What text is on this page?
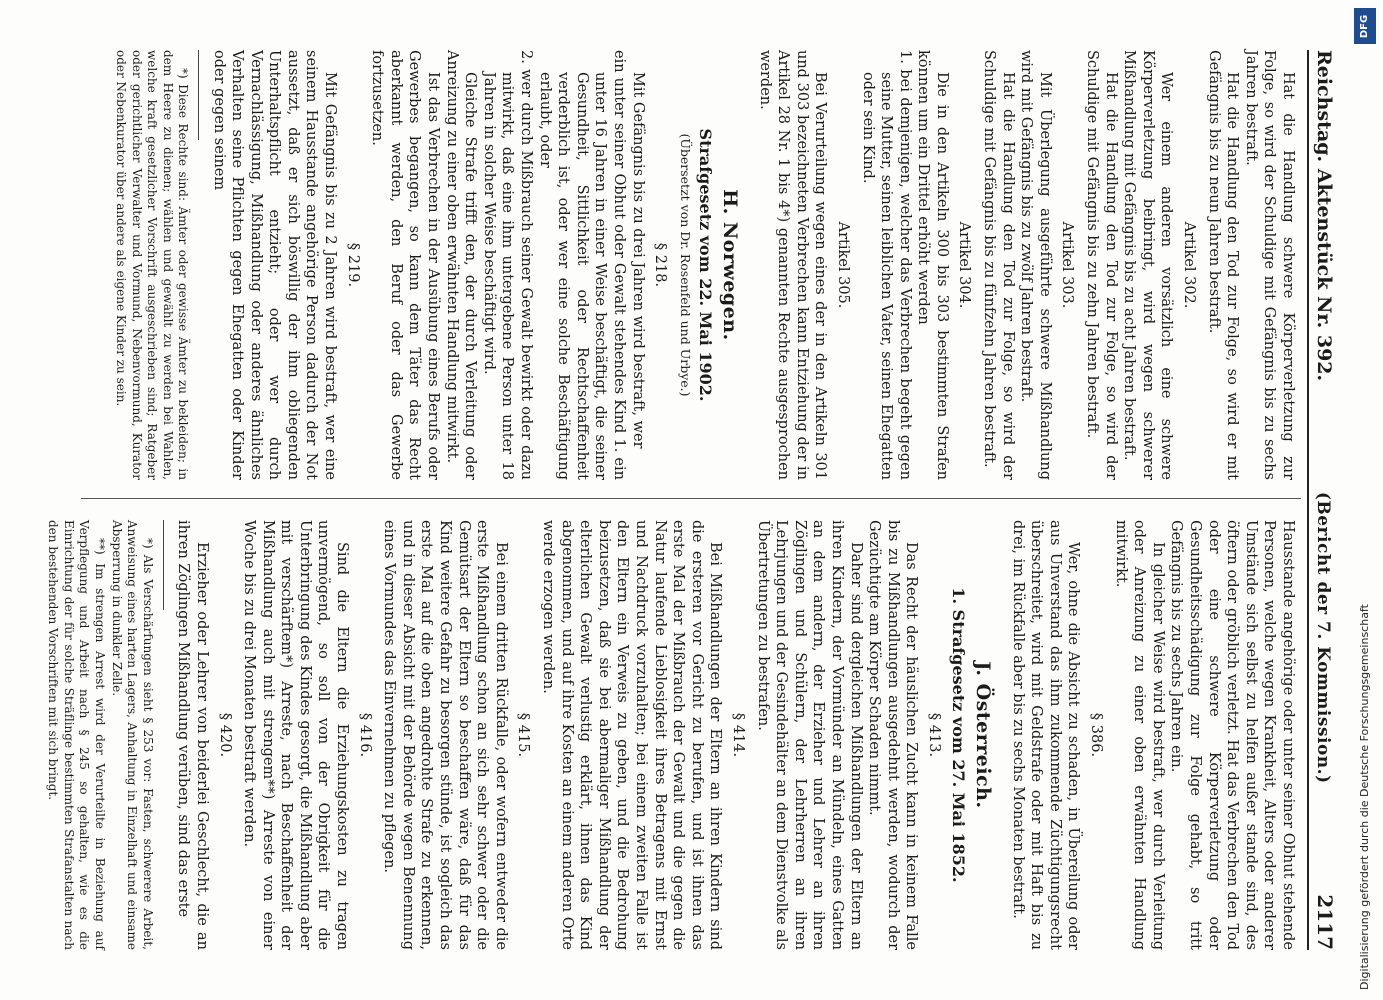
Reichstag. Aktenstück Nr. 392.
(Bericht der 7. Kommission.)
2117

Hat die Handlung schwere Körperverletzung zur Folge, so wird der Schuldige mit Gefängnis bis zu sechs Jahren bestraft.

Hat die Handlung den Tod zur Folge, so wird er mit Gefängnis bis zu neun Jahren bestraft.

Artikel 302.

Wer einem anderen vorsätzlich eine schwere Körperverletzung beibringt, wird wegen schwerer Mißhandlung mit Gefängnis bis zu acht Jahren bestraft.

Hat die Handlung den Tod zur Folge, so wird der Schuldige mit Gefängnis bis zu zehn Jahren bestraft.

Artikel 303.

Mit Überlegung ausgeführte schwere Mißhandlung wird mit Gefängnis bis zu zwölf Jahren bestraft.

Hat die Handlung den Tod zur Folge, so wird der Schuldige mit Gefängnis bis zu fünfzehn Jahren bestraft.

Artikel 304.

Die in den Artikeln 300 bis 303 bestimmten Strafen können um ein Drittel erhöht werden

1. bei demjenigen, welcher das Verbrechen begeht gegen seine Mutter, seinen leiblichen Vater, seinen Ehegatten oder sein Kind.

Artikel 305.

Bei Verurteilung wegen eines der in den Artikeln 301 und 303 bezeichneten Verbrechen kann Entziehung der in Artikel 28 Nr. 1 bis 4*) genannten Rechte ausgesprochen werden.

H. Norwegen.

Strafgesetz vom 22. Mai 1902.

(Übersetzt von Dr. Rosenfeld und Urbye.)

§ 218.

Mit Gefängnis bis zu drei Jahren wird bestraft, wer

ein unter seiner Obhut oder Gewalt stehendes Kind 1. ein unter 16 Jahren in einer Weise beschäftigt, die seiner Gesundheit, Sittlichkeit oder Rechtschaffenheit verderblich ist, oder wer eine solche Beschäftigung erlaubt, oder

2. wer durch Mißbrauch seiner Gewalt bewirkt oder dazu mitwirkt, daß eine ihm untergebene Person unter 18 Jahren in solcher Weise beschäftigt wird.

Gleiche Strafe trifft den, der durch Verleitung oder Anreizung zu einer oben erwähnten Handlung mitwirkt.

Ist das Verbrechen in der Ausübung eines Berufs oder Gewerbes begangen, so kann dem Täter das Recht aberkannt werden, den Beruf oder das Gewerbe fortzusetzen.

§ 219.

Mit Gefängnis bis zu 2 Jahren wird bestraft, wer eine seinem Hausstande angehörige Person dadurch der Not aussetzt, daß er sich böswillig der ihm obliegenden Unterhaltspflicht entzieht; oder wer durch Vernachlässigung, Mißhandlung oder anderes ähnliches Verhalten seine Pflichten gegen Ehegatten oder Kinder oder gegen seinem

*) Diese Rechte sind: Ämter oder gewisse Ämter zu bekleiden; in dem Heere zu dienen; wählen und gewählt zu werden bei Wahlen, welche kraft gesetzlicher Vorschrift ausgeschrieben sind; Ratgeber oder gerichtlicher Verwalter und Vormund, Nebenvormund, Kurator oder Nebenkurator über andere als eigene Kinder zu sein.

Hausstande angehörige oder unter seiner Obhut stehende Personen, welche wegen Krankheit, Alters oder anderer Umstände sich selbst zu helfen außer stande sind, des öftern oder gröblich verletzt. Hat das Verbrechen den Tod oder eine schwere Körperverletzung oder Gesundheitsschädigung zur Folge gehabt, so tritt Gefängnis bis zu sechs Jahren ein.

In gleicher Weise wird bestraft, wer durch Verleitung oder Anreizung zu einer oben erwähnten Handlung mitwirkt.

§ 386.

Wer, ohne die Absicht zu schaden, in Übereilung oder aus Unverstand das ihm zukommende Züchtigungsrecht überschreitet, wird mit Geldstrafe oder mit Haft bis zu drei, im Rückfalle aber bis zu sechs Monaten bestraft.

J. Österreich.

1. Strafgesetz vom 27. Mai 1852.

§ 413.

Das Recht der häuslichen Zucht kann in keinem Falle bis zu Mißhandlungen ausgedehnt werden, wodurch der Gezüchtigte am Körper Schaden nimmt.

Daher sind dergleichen Mißhandlungen der Eltern an ihren Kindern, der Vormünder an Mündeln, eines Gatten an dem andern, der Erzieher und Lehrer an ihren Zöglingen und Schülern, der Lehrherren an ihren Lehrjungen und der Gesindehälter an dem Dienstvolke als Übertretungen zu bestrafen.

§ 414.

Bei Mißhandlungen der Eltern an ihren Kindern sind die ersteren vor Gericht zu berufen, und ist ihnen das erste Mal der Mißbrauch der Gewalt und die gegen die Natur laufende Lieblosigkeit ihres Betragens mit Ernst und Nachdruck vorzuhalten; bei einem zweiten Falle ist den Eltern ein Verweis zu geben, und die Bedrohung beizusetzen, daß sie bei abermaliger Mißhandlung der elterlichen Gewalt verlustig erklärt, ihnen das Kind abgenommen, und auf ihre Kosten an einem anderen Orte werde erzogen werden.

§ 415.

Bei einem dritten Rückfalle, oder wofern entweder die erste Mißhandlung schon an sich sehr schwer oder die Gemütsart der Eltern so beschaffen wäre, daß für das Kind weitere Gefahr zu besorgen stünde, ist sogleich das erste Mal auf die oben angedrohte Strafe zu erkennen, und in dieser Absicht mit der Behörde wegen Benennung eines Vormundes das Einvernehmen zu pflegen.

§ 416.

Sind die Eltern die Erziehungskosten zu tragen unvermögend, so soll von der Obrigkeit für die Unterbringung des Kindes gesorgt, die Mißhandlung aber mit verschärftem*) Arreste, nach Beschaffenheit der Mißhandlung auch mit strengem**) Arreste von einer Woche bis zu drei Monaten bestraft werden.

§ 420.

Erzieher oder Lehrer von beiderlei Geschlecht, die an ihren Zöglingen Mißhandlung verüben, sind das erste

*) Als Verschärfungen sieht § 253 vor: Fasten, schwerere Arbeit, Anweisung eines harten Lagers, Anhaltung in Einzelhaft und einsame Absperrung in dunkler Zelle.

**) Im strengen Arrest wird der Verurteilte in Beziehung auf Verpflegung und Arbeit nach § 245 so gehalten, wie es die Einrichtung der für solche Sträflinge bestimmten Strafanstalten nach den bestehenden Vorschriften mit sich bringt.

DFG
Digitalisierung gefördert durch die Deutsche Forschungsgemeinschaft
